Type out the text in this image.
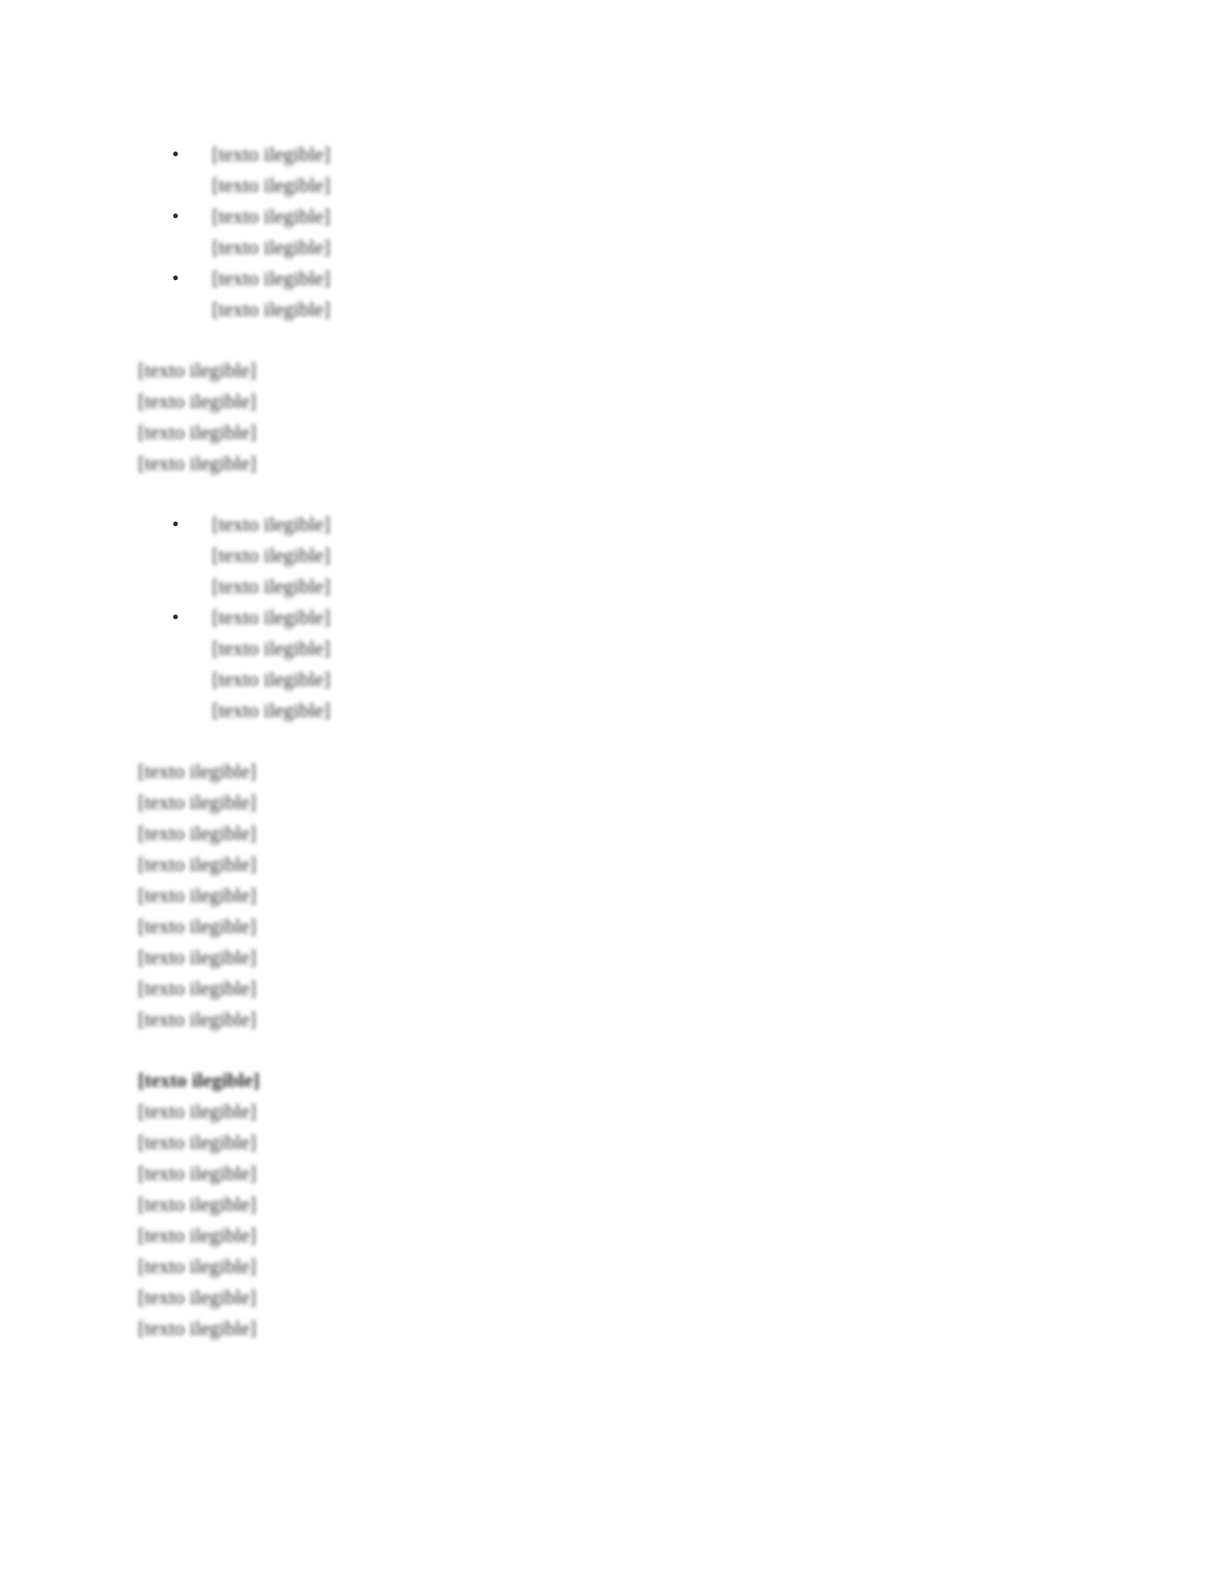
• [texto ilegible]
[texto ilegible]
• [texto ilegible]
[texto ilegible]
• [texto ilegible]
[texto ilegible]
[texto ilegible]
[texto ilegible]
[texto ilegible]
[texto ilegible]
• [texto ilegible]
[texto ilegible]
[texto ilegible]
• [texto ilegible]
[texto ilegible]
[texto ilegible]
[texto ilegible]
[texto ilegible]
[texto ilegible]
[texto ilegible]
[texto ilegible]
[texto ilegible]
[texto ilegible]
[texto ilegible]
[texto ilegible]
[texto ilegible]
[texto ilegible]
[texto ilegible]
[texto ilegible]
[texto ilegible]
[texto ilegible]
[texto ilegible]
[texto ilegible]
[texto ilegible]
[texto ilegible]
